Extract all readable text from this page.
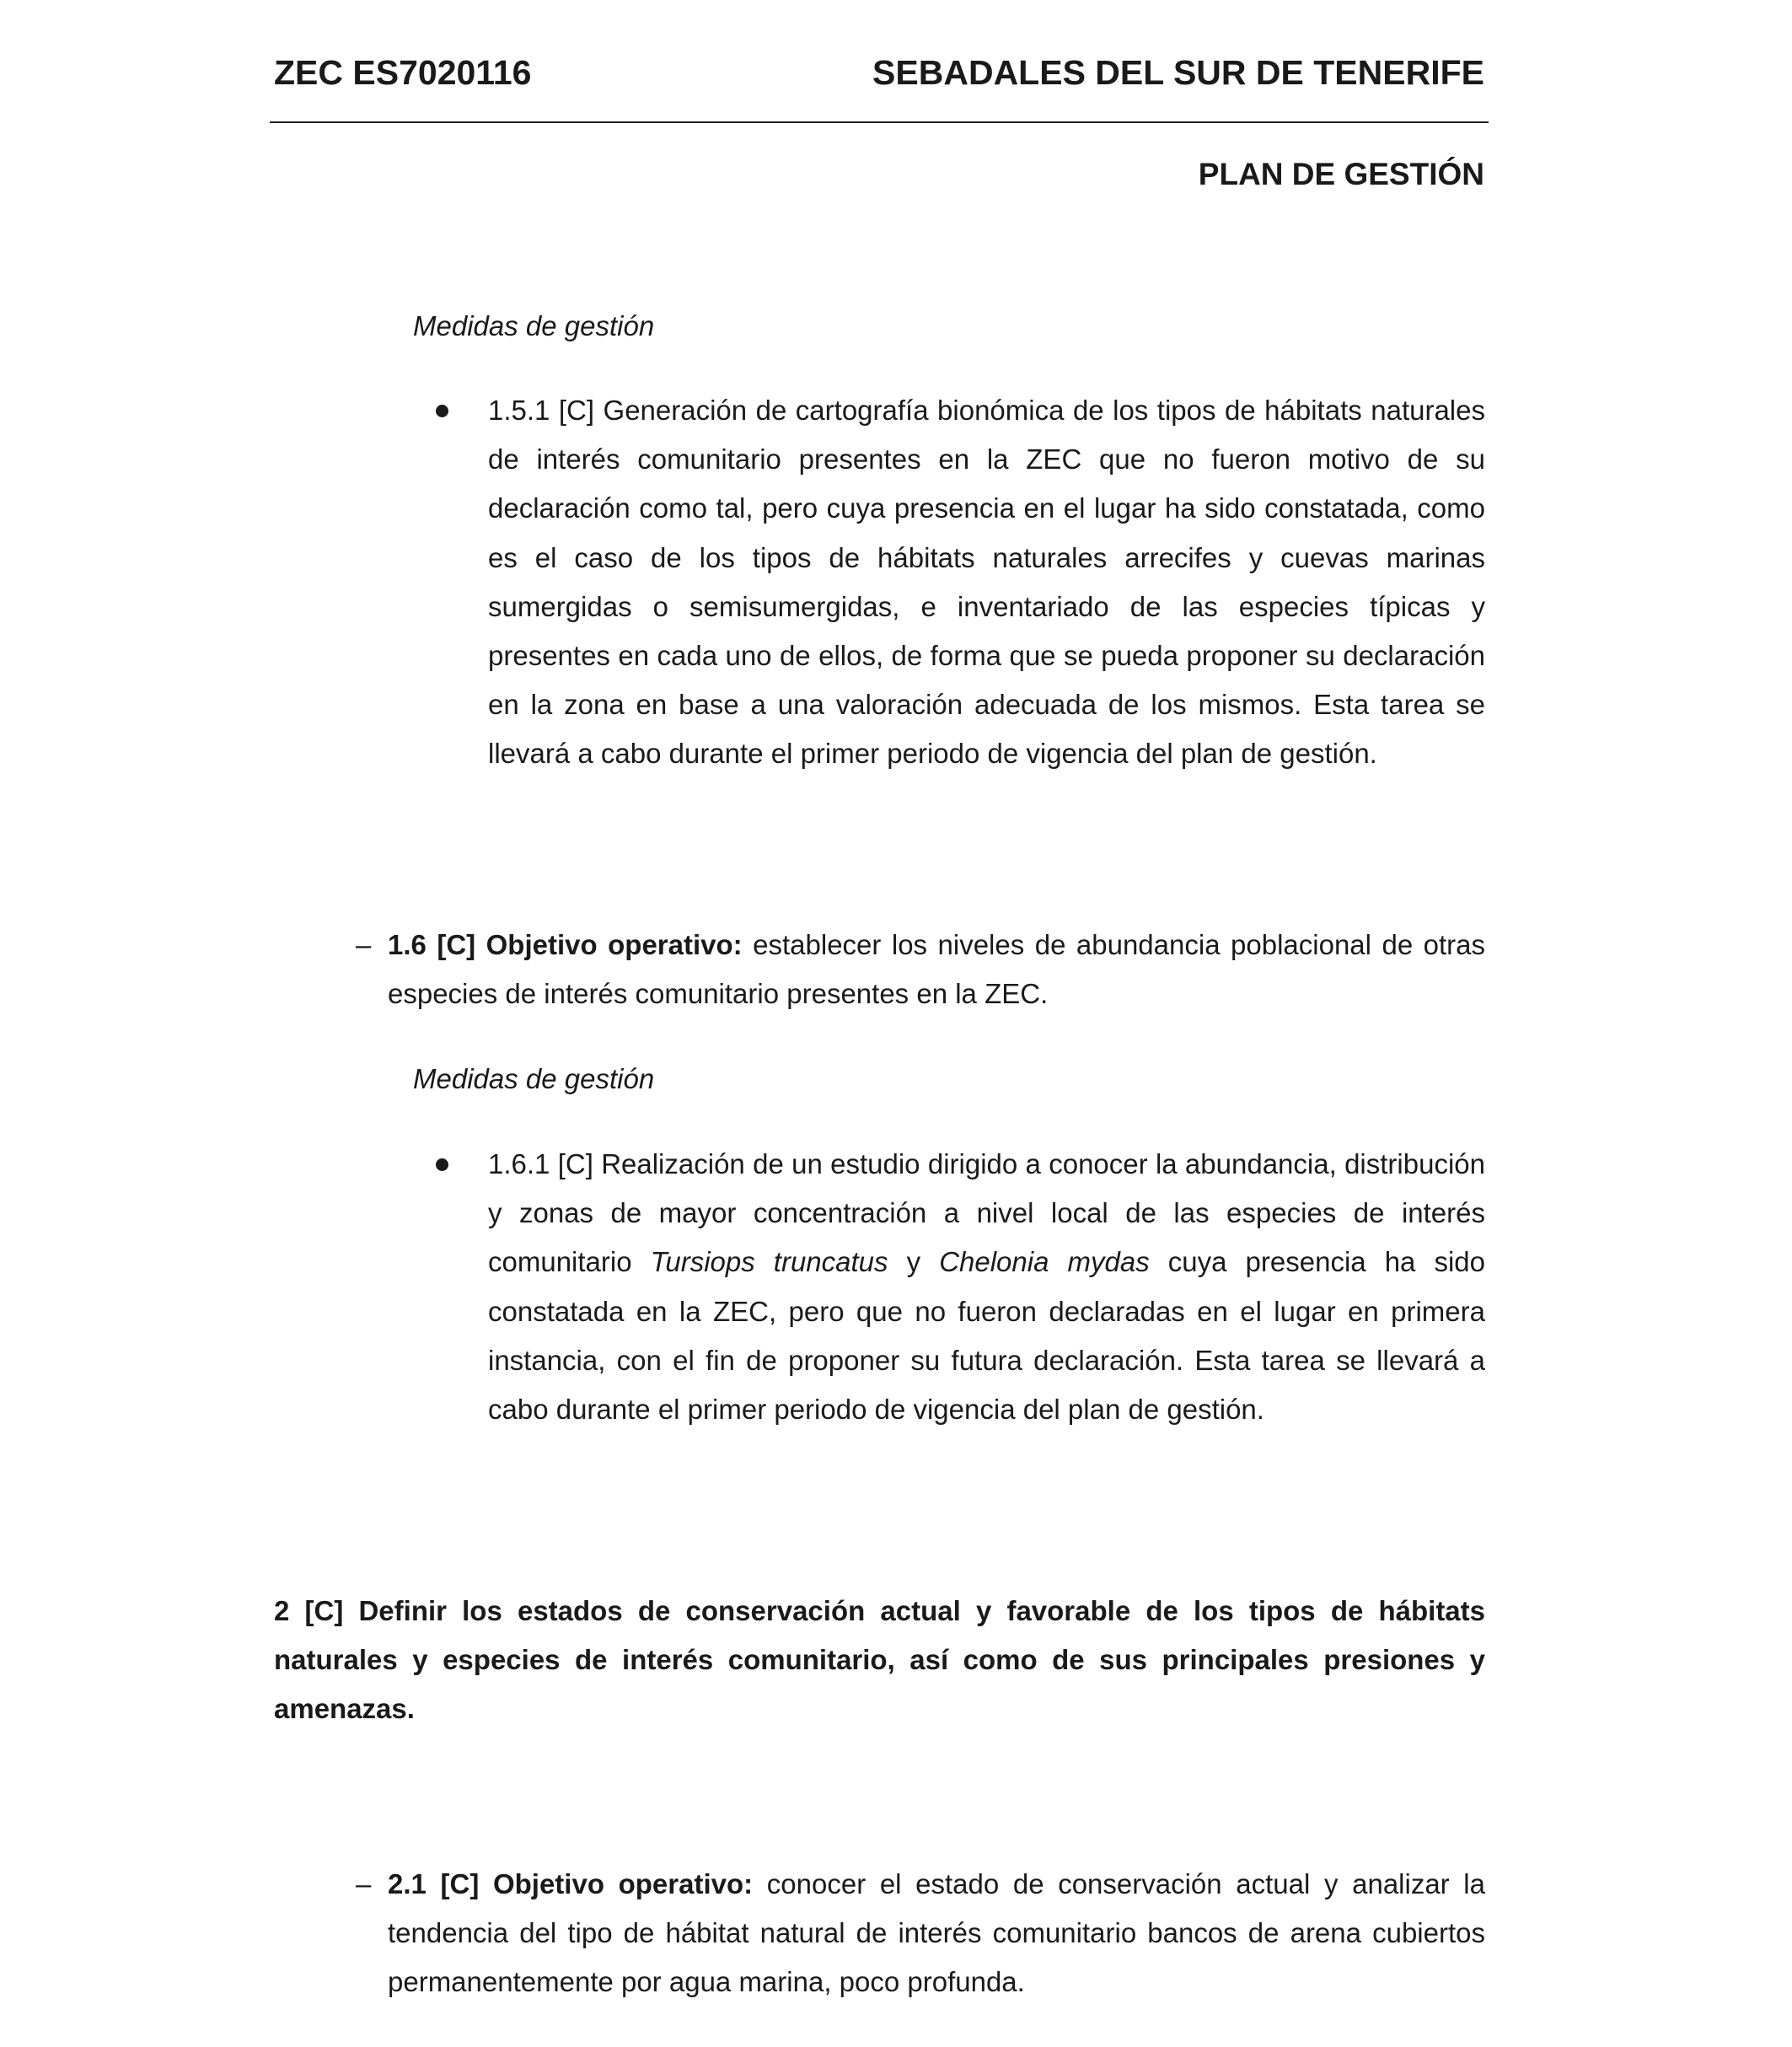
ZEC ES7020116	SEBADALES DEL SUR DE TENERIFE
PLAN DE GESTIÓN
Medidas de gestión
1.5.1 [C] Generación de cartografía bionómica de los tipos de hábitats naturales de interés comunitario presentes en la ZEC que no fueron motivo de su declaración como tal, pero cuya presencia en el lugar ha sido constatada, como es el caso de los tipos de hábitats naturales arrecifes y cuevas marinas sumergidas o semisumergidas, e inventariado de las especies típicas y presentes en cada uno de ellos, de forma que se pueda proponer su declaración en la zona en base a una valoración adecuada de los mismos. Esta tarea se llevará a cabo durante el primer periodo de vigencia del plan de gestión.
– 1.6 [C] Objetivo operativo: establecer los niveles de abundancia poblacional de otras especies de interés comunitario presentes en la ZEC.
Medidas de gestión
1.6.1 [C] Realización de un estudio dirigido a conocer la abundancia, distribución y zonas de mayor concentración a nivel local de las especies de interés comunitario Tursiops truncatus y Chelonia mydas cuya presencia ha sido constatada en la ZEC, pero que no fueron declaradas en el lugar en primera instancia, con el fin de proponer su futura declaración. Esta tarea se llevará a cabo durante el primer periodo de vigencia del plan de gestión.
2 [C] Definir los estados de conservación actual y favorable de los tipos de hábitats naturales y especies de interés comunitario, así como de sus principales presiones y amenazas.
– 2.1 [C] Objetivo operativo: conocer el estado de conservación actual y analizar la tendencia del tipo de hábitat natural de interés comunitario bancos de arena cubiertos permanentemente por agua marina, poco profunda.
